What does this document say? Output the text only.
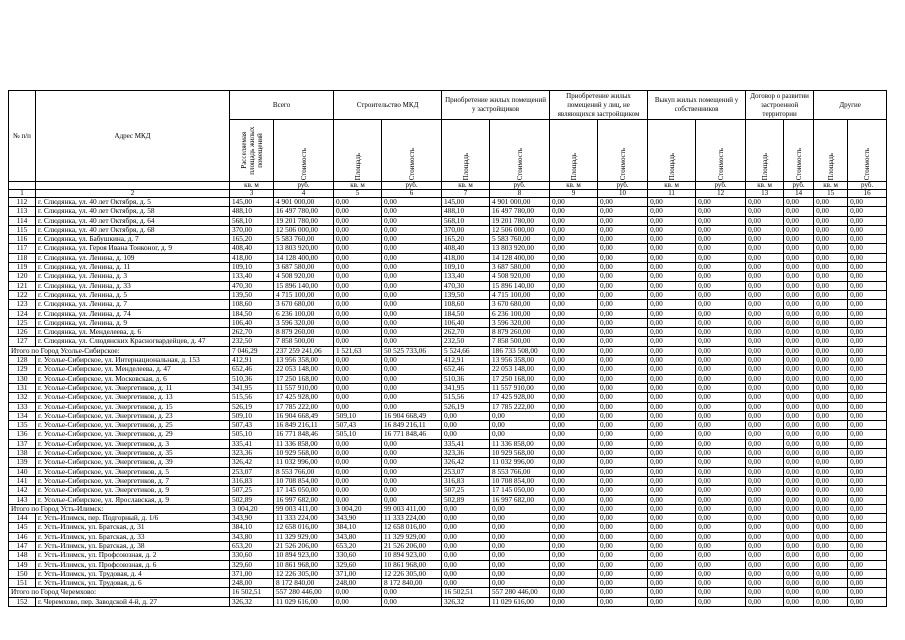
№ п/п	Адрес МКД	Всего		Строительство МКД		Приобретение жилых помещений у застройщиков		Приобретение жилых помещений у лиц, не являющихся застройщиком		Выкуп жилых помещений у собственников		Договор о развитии застроенной территории		Другие	

		Расселяемая площадь жилых помещений	Стоимость	Площадь	Стоимость	Площадь	Стоимость	Площадь	Стоимость	Площадь	Стоимость	Площадь	Стоимость	Площадь	Стоимость

		кв. м	руб.	кв. м	руб.	кв. м	руб.	кв. м	руб.	кв. м	руб.	кв. м	руб.	кв. м	руб.
1	2	3	4	5	6	7	8	9	10	11	12	13	14	15	16
112	г. Слюдянка, ул. 40 лет Октября, д. 5	145,00	4 901 000,00	0,00	0,00	145,00	4 901 000,00	0,00	0,00	0,00	0,00	0,00	0,00	0,00	0,00
113	г. Слюдянка, ул. 40 лет Октября, д. 58	488,10	16 497 780,00	0,00	0,00	488,10	16 497 780,00	0,00	0,00	0,00	0,00	0,00	0,00	0,00	0,00
114	г. Слюдянка, ул. 40 лет Октября, д. 64	568,10	19 201 780,00	0,00	0,00	568,10	19 201 780,00	0,00	0,00	0,00	0,00	0,00	0,00	0,00	0,00
115	г. Слюдянка, ул. 40 лет Октября, д. 68	370,00	12 506 000,00	0,00	0,00	370,00	12 506 000,00	0,00	0,00	0,00	0,00	0,00	0,00	0,00	0,00
116	г. Слюдянка, ул. Бабушкина, д. 7	165,20	5 583 760,00	0,00	0,00	165,20	5 583 760,00	0,00	0,00	0,00	0,00	0,00	0,00	0,00	0,00
117	г. Слюдянка, ул. Героя Ивана Тонконог, д. 9	408,40	13 803 920,00	0,00	0,00	408,40	13 803 920,00	0,00	0,00	0,00	0,00	0,00	0,00	0,00	0,00
118	г. Слюдянка, ул. Ленина, д. 109	418,00	14 128 400,00	0,00	0,00	418,00	14 128 400,00	0,00	0,00	0,00	0,00	0,00	0,00	0,00	0,00
119	г. Слюдянка, ул. Ленина, д. 11	109,10	3 687 580,00	0,00	0,00	109,10	3 687 580,00	0,00	0,00	0,00	0,00	0,00	0,00	0,00	0,00
120	г. Слюдянка, ул. Ленина, д. 3	133,40	4 508 920,00	0,00	0,00	133,40	4 508 920,00	0,00	0,00	0,00	0,00	0,00	0,00	0,00	0,00
121	г. Слюдянка, ул. Ленина, д. 33	470,30	15 896 140,00	0,00	0,00	470,30	15 896 140,00	0,00	0,00	0,00	0,00	0,00	0,00	0,00	0,00
122	г. Слюдянка, ул. Ленина, д. 5	139,50	4 715 100,00	0,00	0,00	139,50	4 715 100,00	0,00	0,00	0,00	0,00	0,00	0,00	0,00	0,00
123	г. Слюдянка, ул. Ленина, д. 7	108,60	3 670 680,00	0,00	0,00	108,60	3 670 680,00	0,00	0,00	0,00	0,00	0,00	0,00	0,00	0,00
124	г. Слюдянка, ул. Ленина, д. 74	184,50	6 236 100,00	0,00	0,00	184,50	6 236 100,00	0,00	0,00	0,00	0,00	0,00	0,00	0,00	0,00
125	г. Слюдянка, ул. Ленина, д. 9	106,40	3 596 320,00	0,00	0,00	106,40	3 596 320,00	0,00	0,00	0,00	0,00	0,00	0,00	0,00	0,00
126	г. Слюдянка, ул. Менделеева, д. 6	262,70	8 879 260,00	0,00	0,00	262,70	8 879 260,00	0,00	0,00	0,00	0,00	0,00	0,00	0,00	0,00
127	г. Слюдянка, ул. Слюдянских Красногвардейцев, д. 47	232,50	7 858 500,00	0,00	0,00	232,50	7 858 500,00	0,00	0,00	0,00	0,00	0,00	0,00	0,00	0,00
Итого по Город Усолье-Сибирское:		7 046,29	237 259 241,06	1 521,63	50 525 733,06	5 524,66	186 733 508,00	0,00	0,00	0,00	0,00	0,00	0,00	0,00	0,00
128	г. Усолье-Сибирское, ул. Интернациональная, д. 153	412,91	13 956 358,00	0,00	0,00	412,91	13 956 358,00	0,00	0,00	0,00	0,00	0,00	0,00	0,00	0,00
129	г. Усолье-Сибирское, ул. Менделеева, д. 47	652,46	22 053 148,00	0,00	0,00	652,46	22 053 148,00	0,00	0,00	0,00	0,00	0,00	0,00	0,00	0,00
130	г. Усолье-Сибирское, ул. Московская, д. 6	510,36	17 250 168,00	0,00	0,00	510,36	17 250 168,00	0,00	0,00	0,00	0,00	0,00	0,00	0,00	0,00
131	г. Усолье-Сибирское, ул. Энергетиков, д. 11	341,95	11 557 910,00	0,00	0,00	341,95	11 557 910,00	0,00	0,00	0,00	0,00	0,00	0,00	0,00	0,00
132	г. Усолье-Сибирское, ул. Энергетиков, д. 13	515,56	17 425 928,00	0,00	0,00	515,56	17 425 928,00	0,00	0,00	0,00	0,00	0,00	0,00	0,00	0,00
133	г. Усолье-Сибирское, ул. Энергетиков, д. 15	526,19	17 785 222,00	0,00	0,00	526,19	17 785 222,00	0,00	0,00	0,00	0,00	0,00	0,00	0,00	0,00
134	г. Усолье-Сибирское, ул. Энергетиков, д. 23	509,10	16 904 668,49	509,10	16 904 668,49	0,00	0,00	0,00	0,00	0,00	0,00	0,00	0,00	0,00	0,00
135	г. Усолье-Сибирское, ул. Энергетиков, д. 25	507,43	16 849 216,11	507,43	16 849 216,11	0,00	0,00	0,00	0,00	0,00	0,00	0,00	0,00	0,00	0,00
136	г. Усолье-Сибирское, ул. Энергетиков, д. 29	505,10	16 771 848,46	505,10	16 771 848,46	0,00	0,00	0,00	0,00	0,00	0,00	0,00	0,00	0,00	0,00
137	г. Усолье-Сибирское, ул. Энергетиков, д. 3	335,41	11 336 858,00	0,00	0,00	335,41	11 336 858,00	0,00	0,00	0,00	0,00	0,00	0,00	0,00	0,00
138	г. Усолье-Сибирское, ул. Энергетиков, д. 35	323,36	10 929 568,00	0,00	0,00	323,36	10 929 568,00	0,00	0,00	0,00	0,00	0,00	0,00	0,00	0,00
139	г. Усолье-Сибирское, ул. Энергетиков, д. 39	326,42	11 032 996,00	0,00	0,00	326,42	11 032 996,00	0,00	0,00	0,00	0,00	0,00	0,00	0,00	0,00
140	г. Усолье-Сибирское, ул. Энергетиков, д. 5	253,07	8 553 766,00	0,00	0,00	253,07	8 553 766,00	0,00	0,00	0,00	0,00	0,00	0,00	0,00	0,00
141	г. Усолье-Сибирское, ул. Энергетиков, д. 7	316,83	10 708 854,00	0,00	0,00	316,83	10 708 854,00	0,00	0,00	0,00	0,00	0,00	0,00	0,00	0,00
142	г. Усолье-Сибирское, ул. Энергетиков, д. 9	507,25	17 145 050,00	0,00	0,00	507,25	17 145 050,00	0,00	0,00	0,00	0,00	0,00	0,00	0,00	0,00
143	г. Усолье-Сибирское, ул. Ярославская, д. 9	502,89	16 997 682,00	0,00	0,00	502,89	16 997 682,00	0,00	0,00	0,00	0,00	0,00	0,00	0,00	0,00
Итого по Город Усть-Илимск:		3 004,20	99 003 411,00	3 004,20	99 003 411,00	0,00	0,00	0,00	0,00	0,00	0,00	0,00	0,00	0,00	0,00
144	г. Усть-Илимск, пер. Подгорный, д. 1/6	343,90	11 333 224,00	343,90	11 333 224,00	0,00	0,00	0,00	0,00	0,00	0,00	0,00	0,00	0,00	0,00
145	г. Усть-Илимск, ул. Братская, д. 31	384,10	12 658 016,00	384,10	12 658 016,00	0,00	0,00	0,00	0,00	0,00	0,00	0,00	0,00	0,00	0,00
146	г. Усть-Илимск, ул. Братская, д. 33	343,80	11 329 929,00	343,80	11 329 929,00	0,00	0,00	0,00	0,00	0,00	0,00	0,00	0,00	0,00	0,00
147	г. Усть-Илимск, ул. Братская, д. 38	653,20	21 526 206,00	653,20	21 526 206,00	0,00	0,00	0,00	0,00	0,00	0,00	0,00	0,00	0,00	0,00
148	г. Усть-Илимск, ул. Профсоюзная, д. 2	330,60	10 894 923,00	330,60	10 894 923,00	0,00	0,00	0,00	0,00	0,00	0,00	0,00	0,00	0,00	0,00
149	г. Усть-Илимск, ул. Профсоюзная, д. 6	329,60	10 861 968,00	329,60	10 861 968,00	0,00	0,00	0,00	0,00	0,00	0,00	0,00	0,00	0,00	0,00
150	г. Усть-Илимск, ул. Трудовая, д. 4	371,00	12 226 305,00	371,00	12 226 305,00	0,00	0,00	0,00	0,00	0,00	0,00	0,00	0,00	0,00	0,00
151	г. Усть-Илимск, ул. Трудовая, д. 6	248,00	8 172 840,00	248,00	8 172 840,00	0,00	0,00	0,00	0,00	0,00	0,00	0,00	0,00	0,00	0,00
Итого по Город Черемхово:		16 502,51	557 280 446,00	0,00	0,00	16 502,51	557 280 446,00	0,00	0,00	0,00	0,00	0,00	0,00	0,00	0,00
152	г. Черемхово, пер. Заводской 4-й, д. 27	326,32	11 029 616,00	0,00	0,00	326,32	11 029 616,00	0,00	0,00	0,00	0,00	0,00	0,00	0,00	0,00
